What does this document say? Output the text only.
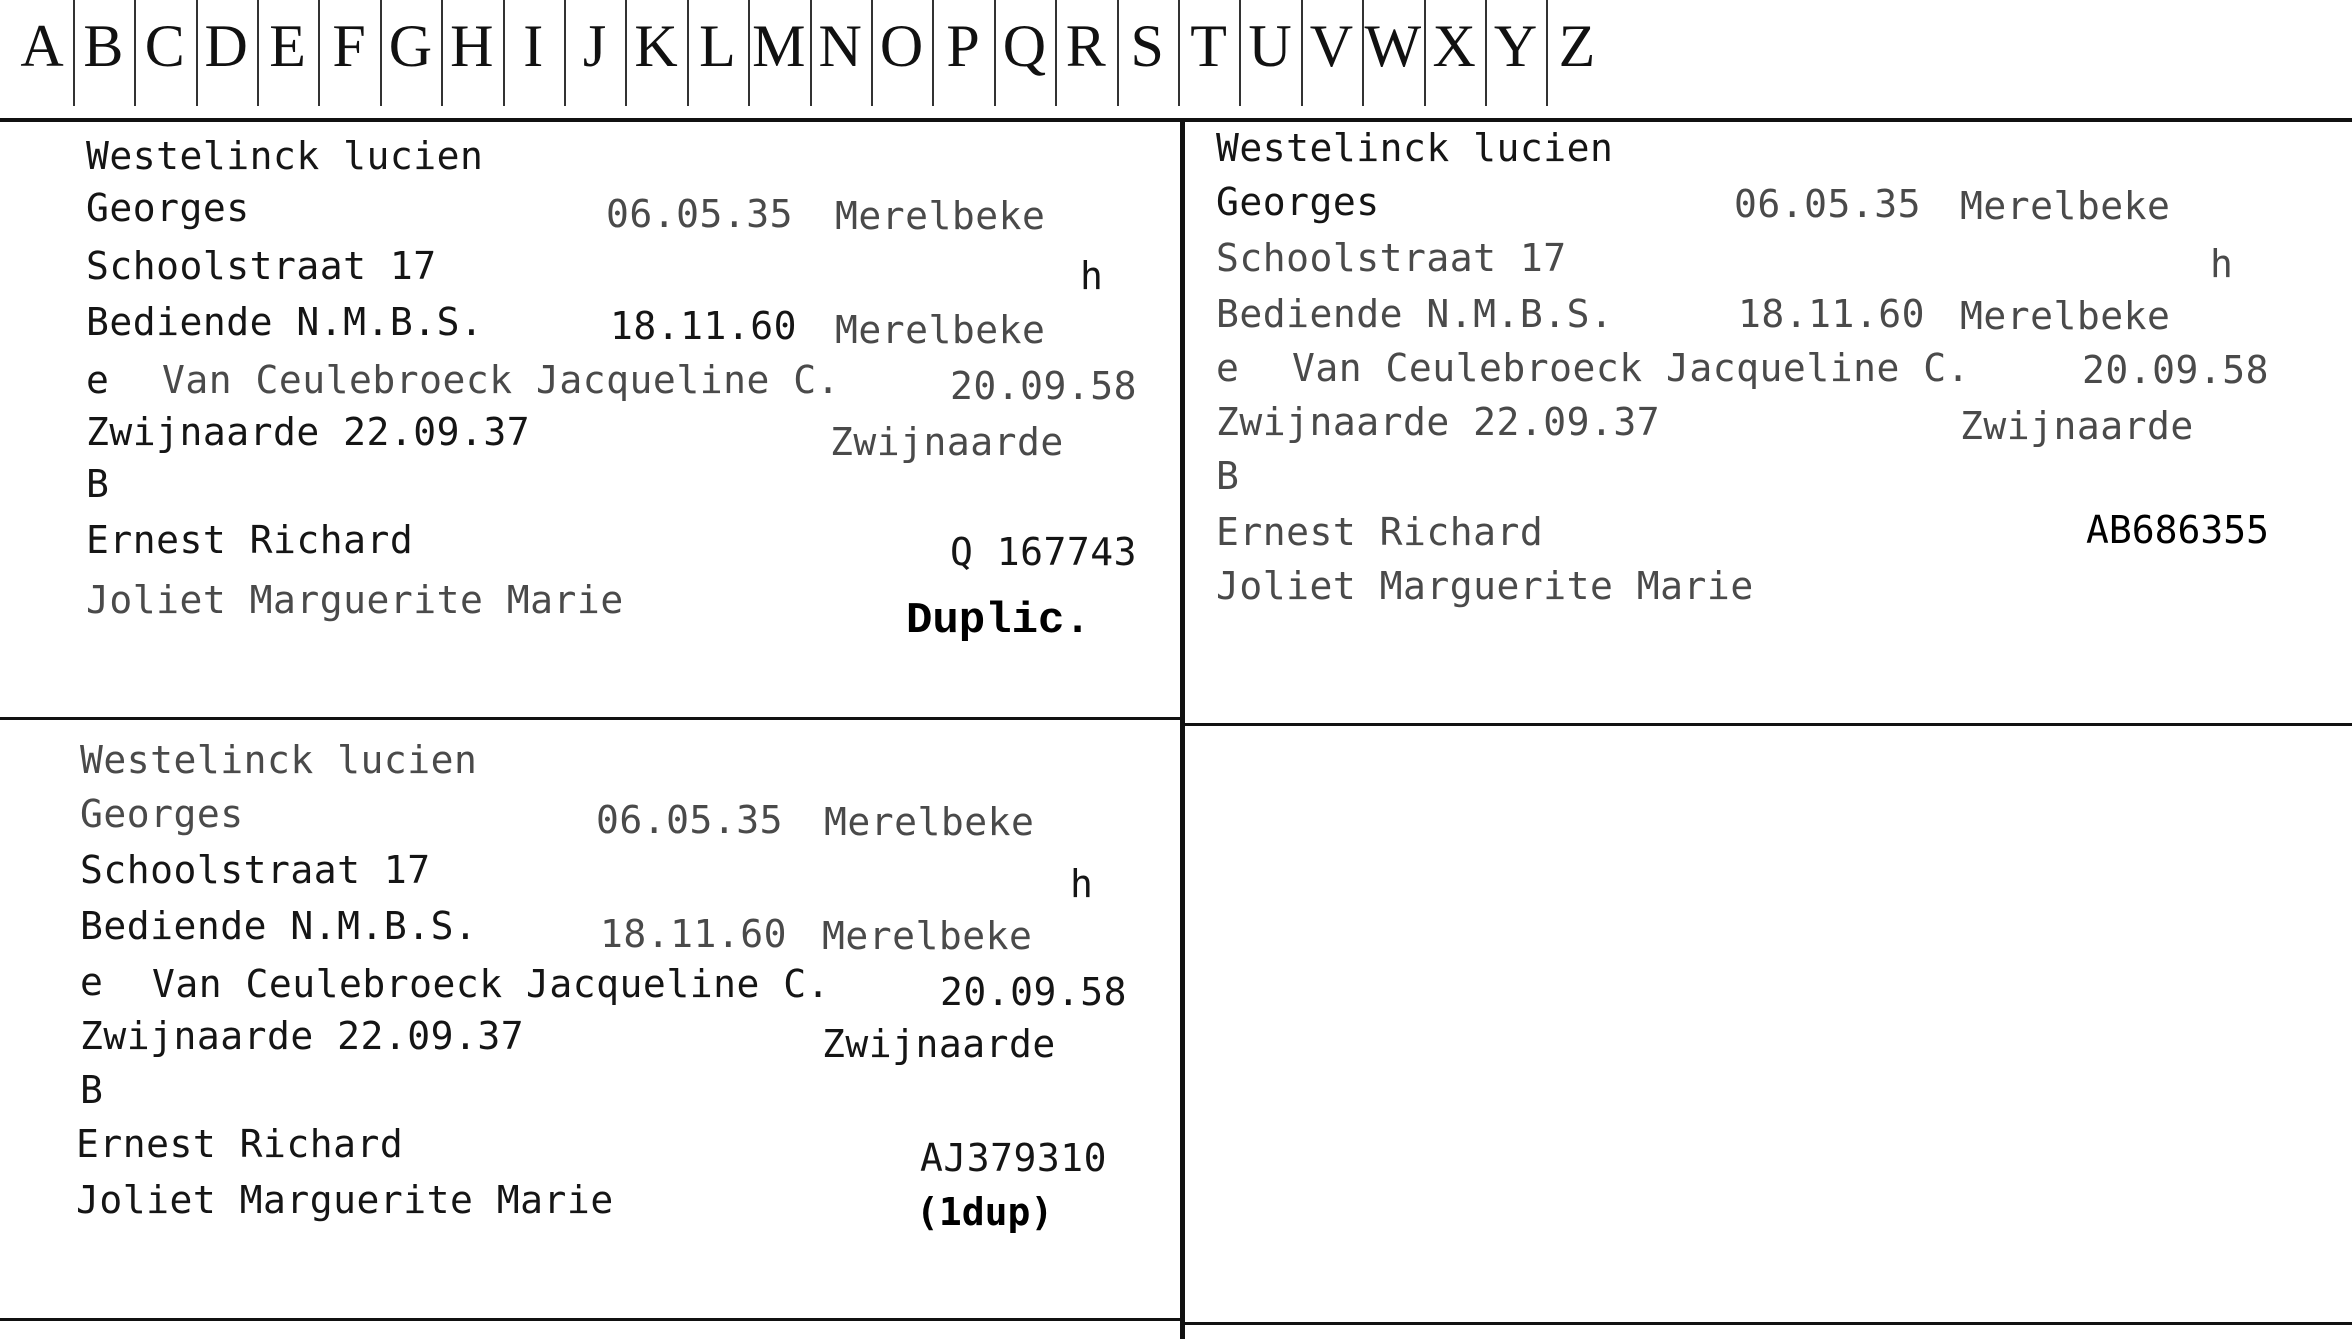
A B C D E F G H I J K L M N O P Q R S T U V W X Y Z
Westelinck lucien
Georges	06.05.35 Merelbeke
Schoolstraat 17	h
Bediende N.M.B.S.	18.11.60 Merelbeke
e Van Ceulebroeck Jacqueline C.	20.09.58
Zwijnaarde 22.09.37	Zwijnaarde
B
Ernest Richard	Q 167743
Joliet Marguerite Marie	Duplic.
Westelinck lucien
Georges	06.05.35 Merelbeke
Schoolstraat 17	h
Bediende N.M.B.S.	18.11.60 Merelbeke
e Van Ceulebroeck Jacqueline C.	20.09.58
Zwijnaarde 22.09.37	Zwijnaarde
B
Ernest Richard	AB686355
Joliet Marguerite Marie
Westelinck lucien
Georges	06.05.35 Merelbeke
Schoolstraat 17	h
Bediende N.M.B.S.	18.11.60 Merelbeke
e Van Ceulebroeck Jacqueline C.	20.09.58
Zwijnaarde 22.09.37	Zwijnaarde
B
Ernest Richard	AJ379310
Joliet Marguerite Marie	(1dup)
